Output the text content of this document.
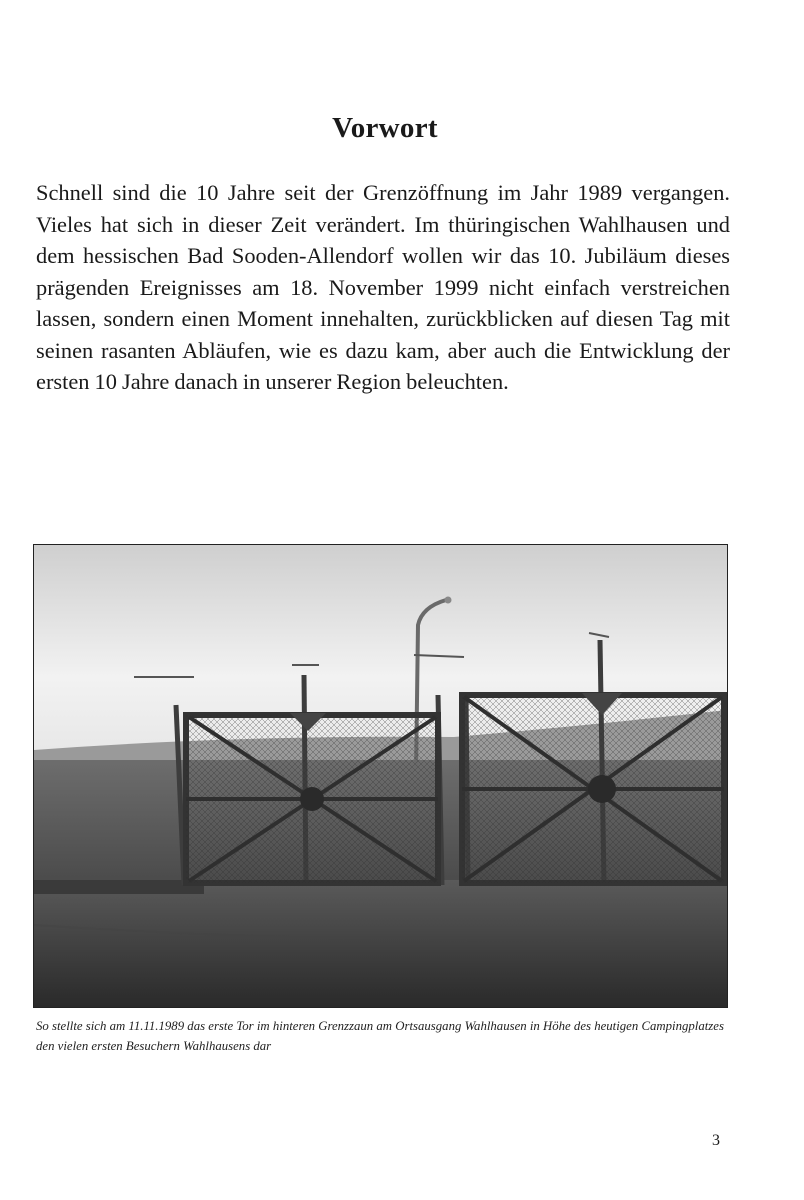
Vorwort

Schnell sind die 10 Jahre seit der Grenzöffnung im Jahr 1989 vergangen. Vieles hat sich in dieser Zeit verändert. Im thüringischen Wahlhausen und dem hessischen Bad Sooden-Allendorf wollen wir das 10. Jubiläum dieses prägenden Ereignisses am 18. November 1999 nicht einfach verstreichen lassen, sondern einen Moment innehalten, zurückblicken auf diesen Tag mit seinen rasanten Abläufen, wie es dazu kam, aber auch die Entwicklung der ersten 10 Jahre danach in unserer Region beleuchten.

So stellte sich am 11.11.1989 das erste Tor im hinteren Grenzzaun am Ortsausgang Wahlhausen in Höhe des heutigen Campingplatzes den vielen ersten Besuchern Wahlhausens dar
3
